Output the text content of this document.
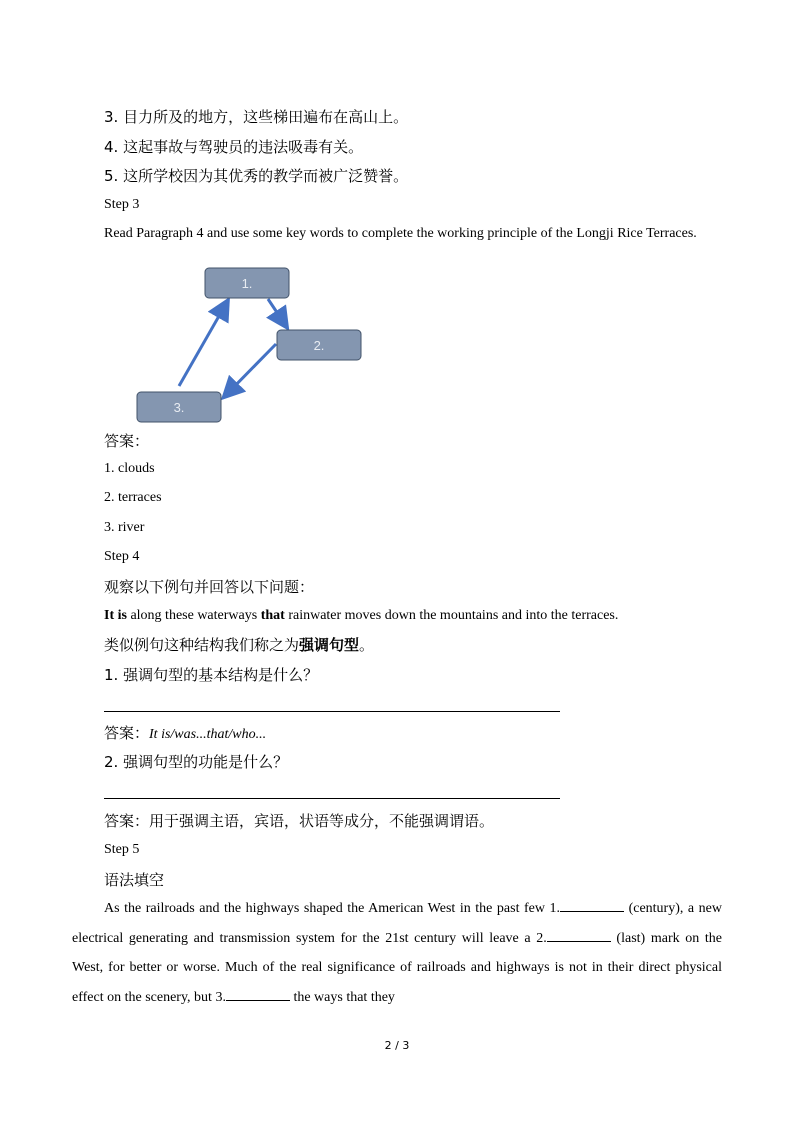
3. 目力所及的地方，这些梯田遍布在高山上。
4. 这起事故与驾驶员的违法吸毒有关。
5. 这所学校因为其优秀的教学而被广泛赞誉。
Step 3
Read Paragraph 4 and use some key words to complete the working principle of the Longji Rice Terraces.
1.
2.
3.
答案：
1. clouds
2. terraces
3. river
Step 4
观察以下例句并回答以下问题：
It is along these waterways that rainwater moves down the mountains and into the terraces.
类似例句这种结构我们称之为强调句型。
1. 强调句型的基本结构是什么？
答案：It is/was...that/who...
2. 强调句型的功能是什么？
答案：用于强调主语，宾语，状语等成分，不能强调谓语。
Step 5
语法填空
As the railroads and the highways shaped the American West in the past few 1.	(century), a new electrical generating and transmission system for the 21st century will leave a 2.	(last) mark on the West, for better or worse. Much of the real significance of railroads and highways is not in their direct physical effect on the scenery, but 3.	the ways that they
2 / 3
